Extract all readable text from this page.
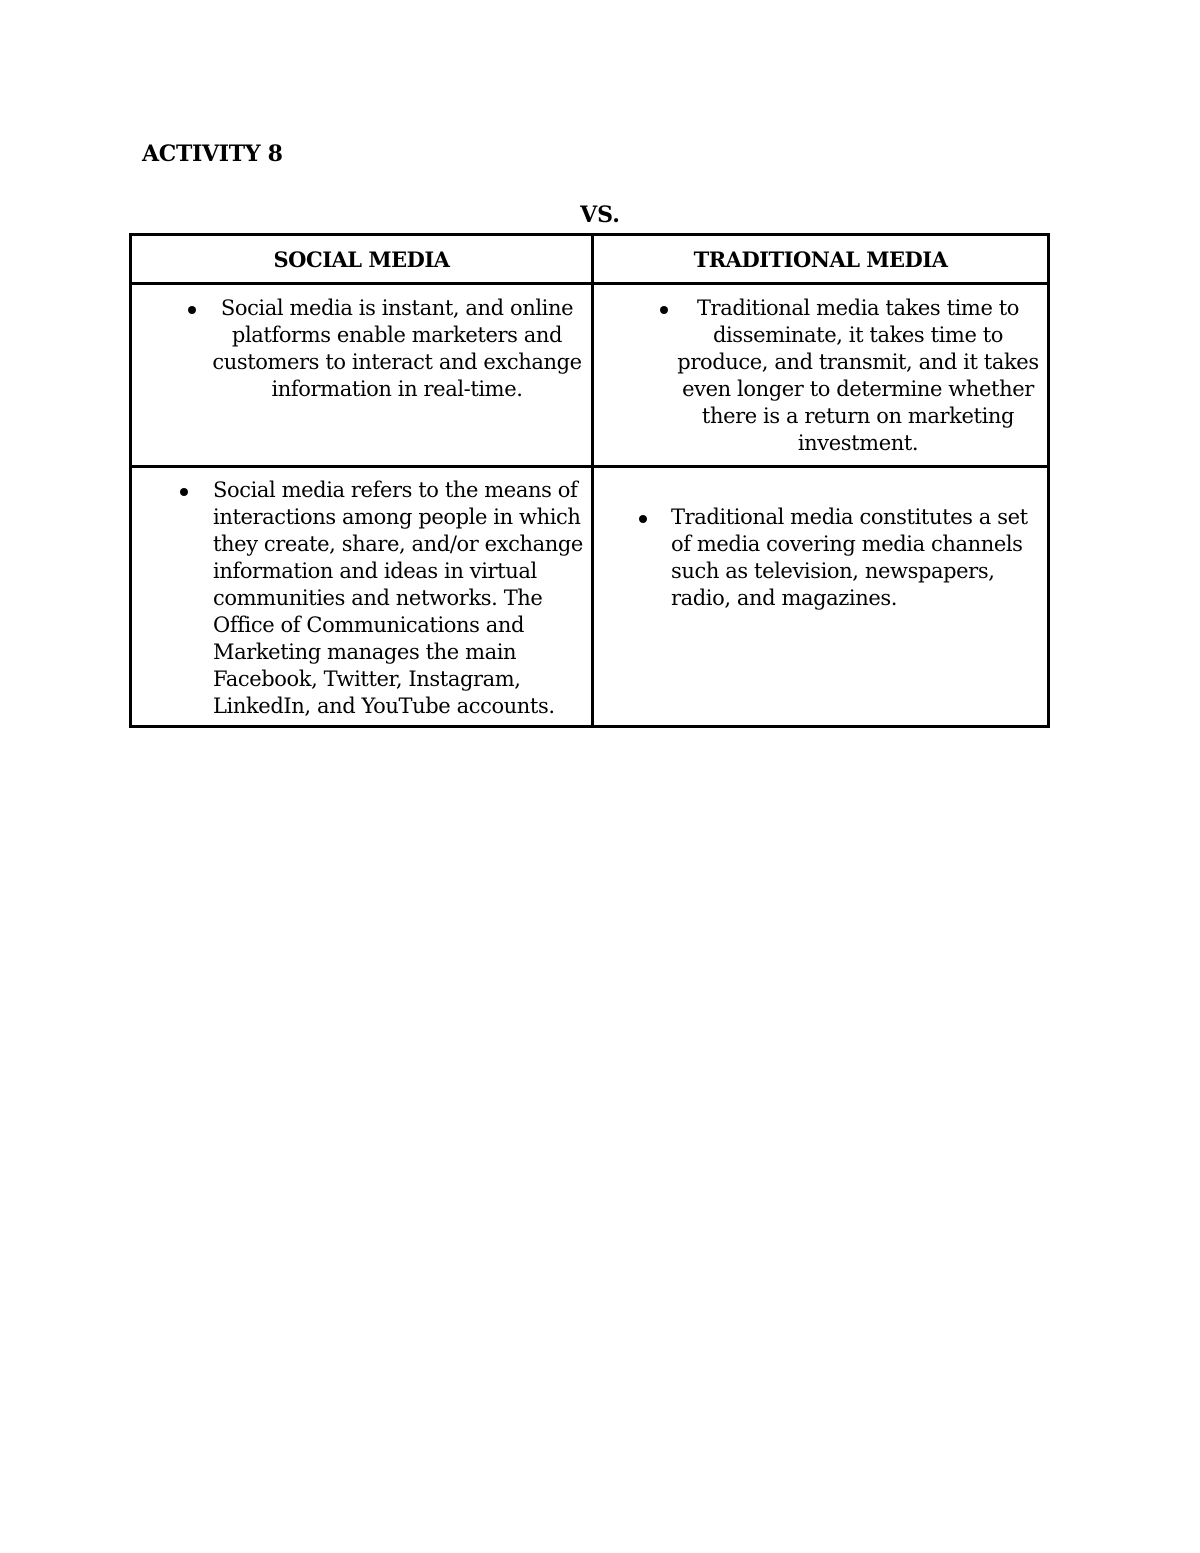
ACTIVITY 8
VS.
SOCIAL MEDIA	TRADITIONAL MEDIA
Social media is instant, and online platforms enable marketers and customers to interact and exchange information in real-time.
Traditional media takes time to disseminate, it takes time to produce, and transmit, and it takes even longer to determine whether there is a return on marketing investment.
Social media refers to the means of interactions among people in which they create, share, and/or exchange information and ideas in virtual communities and networks. The Office of Communications and Marketing manages the main Facebook, Twitter, Instagram, LinkedIn, and YouTube accounts.
Traditional media constitutes a set of media covering media channels such as television, newspapers, radio, and magazines.
